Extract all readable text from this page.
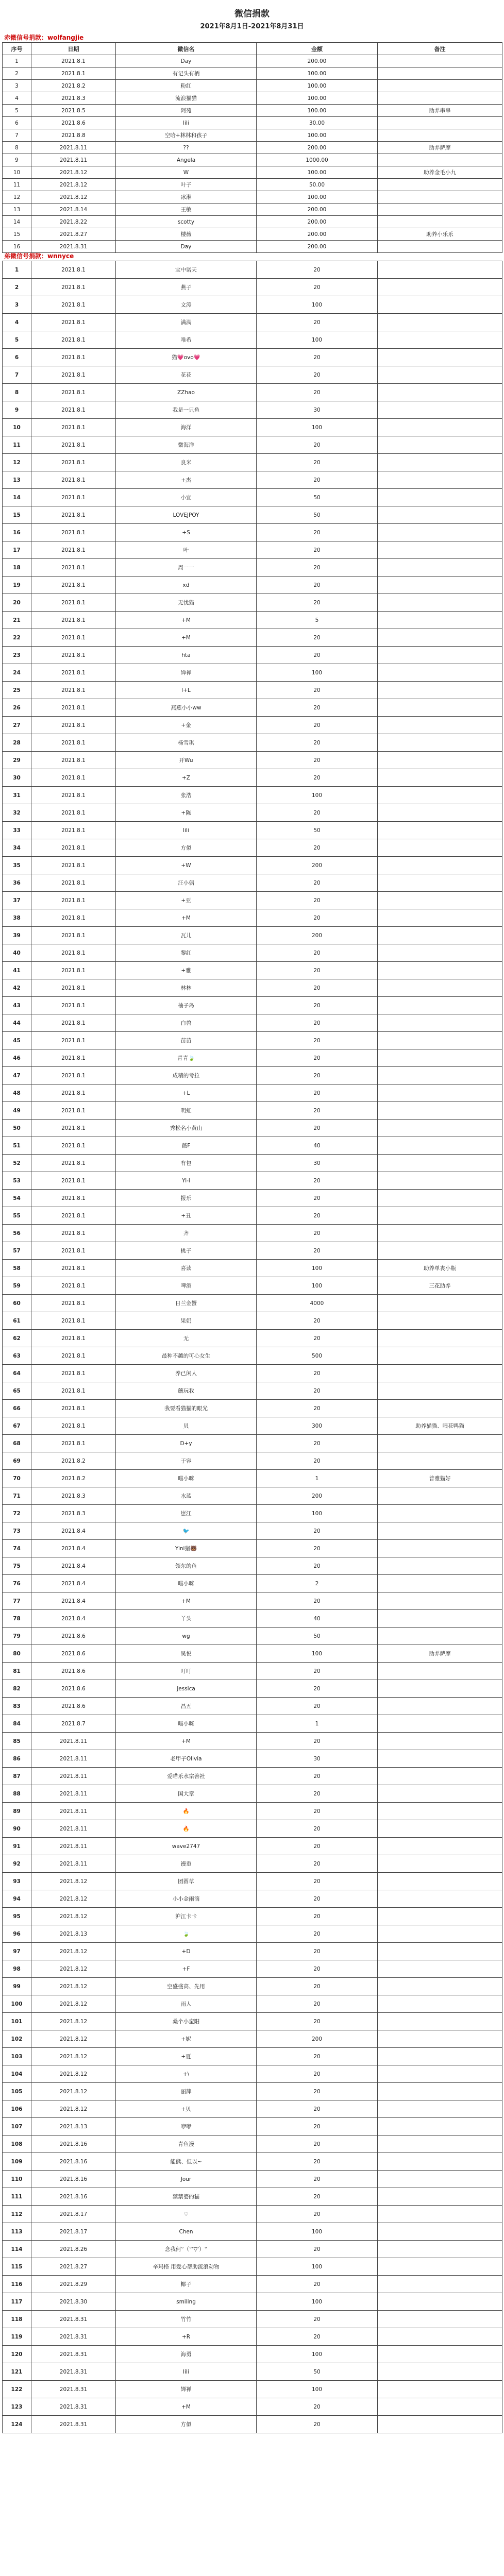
微信捐款
2021年8月1日-2021年8月31日
赤微信号捐款：wolfangjie
序号	日期	微信名	金额	备注
1	2021.8.1	Day	200.00	
2	2021.8.1	有记头有柄	100.00	
3	2021.8.2	粉红	100.00	
4	2021.8.3	流浪猫猫	100.00	
5	2021.8.5	阿苑	100.00	助养串串
6	2021.8.6	lili	30.00	
7	2021.8.8	空哈+林林和孩子	100.00	
8	2021.8.11	??	200.00	助养萨摩
9	2021.8.11	Angela	1000.00	
10	2021.8.12	W	100.00	助养金毛小九
11	2021.8.12	叶子	50.00	
12	2021.8.12	冰淋	100.00	
13	2021.8.14	王敏	200.00	
14	2021.8.22	scotty	200.00	
15	2021.8.27	楼薇	200.00	助养小乐乐
16	2021.8.31	Day	200.00	
弟微信号捐款：wnnyce
1	2021.8.1	宝中诺天	20	
2	2021.8.1	燕子	20	
3	2021.8.1	文涛	100	
4	2021.8.1	满满	20	
5	2021.8.1	唯希	100	
6	2021.8.1	猫💗ovo💗	20	
7	2021.8.1	花花	20	
8	2021.8.1	ZZhao	20	
9	2021.8.1	我是一只鱼	30	
10	2021.8.1	海洋	100	
11	2021.8.1	微海洋	20	
12	2021.8.1	良米	20	
13	2021.8.1	+杰	20	
14	2021.8.1	小宜	50	
15	2021.8.1	LOVEJPOY	50	
16	2021.8.1	+S	20	
17	2021.8.1	叶	20	
18	2021.8.1	周一一	20	
19	2021.8.1	xd	20	
20	2021.8.1	无忧猫	20	
21	2021.8.1	+M	5	
22	2021.8.1	+M	20	
23	2021.8.1	hta	20	
24	2021.8.1	婵禅	100	
25	2021.8.1	l+L	20	
26	2021.8.1	燕燕小小ww	20	
27	2021.8.1	+金	20	
28	2021.8.1	杨雪琪	20	
29	2021.8.1	开Wu	20	
30	2021.8.1	+Z	20	
31	2021.8.1	张浩	100	
32	2021.8.1	+陈	20	
33	2021.8.1	lili	50	
34	2021.8.1	方似	20	
35	2021.8.1	+W	200	
36	2021.8.1	汪小偶	20	
37	2021.8.1	+亚	20	
38	2021.8.1	+M	20	
39	2021.8.1	瓦儿	200	
40	2021.8.1	黎红	20	
41	2021.8.1	+雅	20	
42	2021.8.1	林林	20	
43	2021.8.1	柚子岛	20	
44	2021.8.1	白兽	20	
45	2021.8.1	苗苗	20	
46	2021.8.1	青青🍃	20	
47	2021.8.1	成精的考拉	20	
48	2021.8.1	+L	20	
49	2021.8.1	明虹	20	
50	2021.8.1	秀松名小黄山	20	
51	2021.8.1	薇F	40	
52	2021.8.1	有包	30	
53	2021.8.1	Yi-i	20	
54	2021.8.1	报乐	20	
55	2021.8.1	+丑	20	
56	2021.8.1	齐	20	
57	2021.8.1	桃子	20	
58	2021.8.1	喜读	100	助养单丧小瓶
59	2021.8.1	啤酒	100	三花助养
60	2021.8.1	日兰金蟹	4000	
61	2021.8.1	果奶	20	
62	2021.8.1	无	20	
63	2021.8.1	最种不越的可心女生	500	
64	2021.8.1	养已闲人	20	
65	2021.8.1	蘑玩我	20	
66	2021.8.1	我要看猫猫的眼光	20	
67	2021.8.1	贝	300	助养猫猫、喂花鸭猫
68	2021.8.1	D+y	20	
69	2021.8.2	于容	20	
70	2021.8.2	喵小咪	1	普雅猫好
71	2021.8.3	水蓝	200	
72	2021.8.3	崽江	100	
73	2021.8.4	🐦	20	
74	2021.8.4	Yini猪🐻	20	
75	2021.8.4	领东的鱼	20	
76	2021.8.4	喵小咪	2	
77	2021.8.4	+M	20	
78	2021.8.4	丫头	40	
79	2021.8.6	wg	50	
80	2021.8.6	吴悦	100	助养萨摩
81	2021.8.6	叮叮	20	
82	2021.8.6	Jessica	20	
83	2021.8.6	昌五	20	
84	2021.8.7	喵小咪	1	
85	2021.8.11	+M	20	
86	2021.8.11	老甲子Olivia	30	
87	2021.8.11	爱喵乐水宗善社	20	
88	2021.8.11	国大章	20	
89	2021.8.11	🔥	20	
90	2021.8.11	🔥	20	
91	2021.8.11	wave2747	20	
92	2021.8.11	馒重	20	
93	2021.8.12	团圆草	20	
94	2021.8.12	小小金雨滴	20	
95	2021.8.12	沪江卡卡	20	
96	2021.8.13	🍃	20	
97	2021.8.12	+D	20	
98	2021.8.12	+F	20	
99	2021.8.12	空盛盛高、先用	20	
100	2021.8.12	雨人	20	
101	2021.8.12	桑个小蛮阳	20	
102	2021.8.12	+妮	200	
103	2021.8.12	+夏	20	
104	2021.8.12	+\	20	
105	2021.8.12	丽萍	20	
106	2021.8.12	+贝	20	
107	2021.8.13	咿咿	20	
108	2021.8.16	青鱼漫	20	
109	2021.8.16	能熊、但以~	20	
110	2021.8.16	Jour	20	
111	2021.8.16	禁禁婆的猫	20	
112	2021.8.17	♡	20	
113	2021.8.17	Chen	100	
114	2021.8.26	念我何°（°'▽'）°	20	
115	2021.8.27	辛玛格 用爱心帮助流浪动物	100	
116	2021.8.29	椰子	20	
117	2021.8.30	smiling	100	
118	2021.8.31	竹竹	20	
119	2021.8.31	+R	20	
120	2021.8.31	海勇	100	
121	2021.8.31	lili	50	
122	2021.8.31	婵禅	100	
123	2021.8.31	+M	20	
124	2021.8.31	方似	20	
